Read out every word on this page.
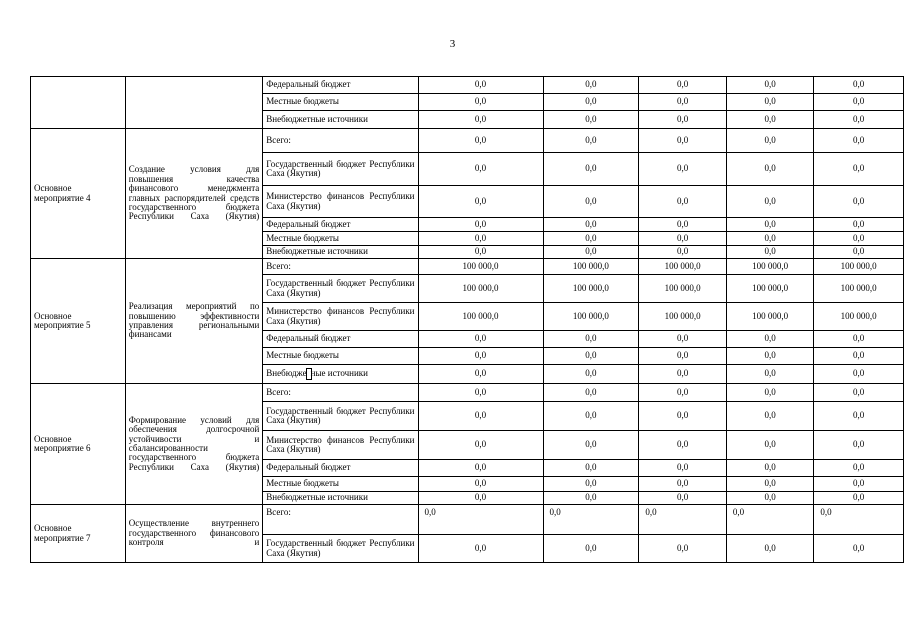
3
		Федеральный бюджет	0,0	0,0	0,0	0,0	0,0
		Местные бюджеты	0,0	0,0	0,0	0,0	0,0
		Внебюджетные источники	0,0	0,0	0,0	0,0	0,0
Основное мероприятие 4	Создание условия для повышения качества финансового менеджмента главных распорядителей средств государственного бюджета Республики Саха (Якутия)	Всего:	0,0	0,0	0,0	0,0	0,0

		Государственный бюджет Республики Саха (Якутия)	0,0	0,0	0,0	0,0	0,0

		Министерство финансов Республики Саха (Якутия)	0,0	0,0	0,0	0,0	0,0
		Федеральный бюджет	0,0	0,0	0,0	0,0	0,0
		Местные бюджеты	0,0	0,0	0,0	0,0	0,0
		Внебюджетные источники	0,0	0,0	0,0	0,0	0,0
Основное мероприятие 5	Реализация мероприятий по повышению эффективности управления региональными финансами	Всего:	100 000,0	100 000,0	100 000,0	100 000,0	100 000,0

		Государственный бюджет Республики Саха (Якутия)	100 000,0	100 000,0	100 000,0	100 000,0	100 000,0

		Министерство финансов Республики Саха (Якутия)	100 000,0	100 000,0	100 000,0	100 000,0	100 000,0
		Федеральный бюджет	0,0	0,0	0,0	0,0	0,0
		Местные бюджеты	0,0	0,0	0,0	0,0	0,0
		Внебюдже ные источники	0,0	0,0	0,0	0,0	0,0
Основное мероприятие 6	Формирование условий для обеспечения долгосрочной устойчивости и сбалансированности государственного бюджета Республики Саха (Якутия)	Всего:	0,0	0,0	0,0	0,0	0,0

		Государственный бюджет Республики Саха (Якутия)	0,0	0,0	0,0	0,0	0,0

		Министерство финансов Республики Саха (Якутия)	0,0	0,0	0,0	0,0	0,0
		Федеральный бюджет	0,0	0,0	0,0	0,0	0,0
		Местные бюджеты	0,0	0,0	0,0	0,0	0,0
		Внебюджетные источники	0,0	0,0	0,0	0,0	0,0
Основное мероприятие 7	Осуществление внутреннего государственного финансового контроля и	Всего:	0,0	0,0	0,0	0,0	0,0

		Государственный бюджет Республики Саха (Якутия)	0,0	0,0	0,0	0,0	0,0
